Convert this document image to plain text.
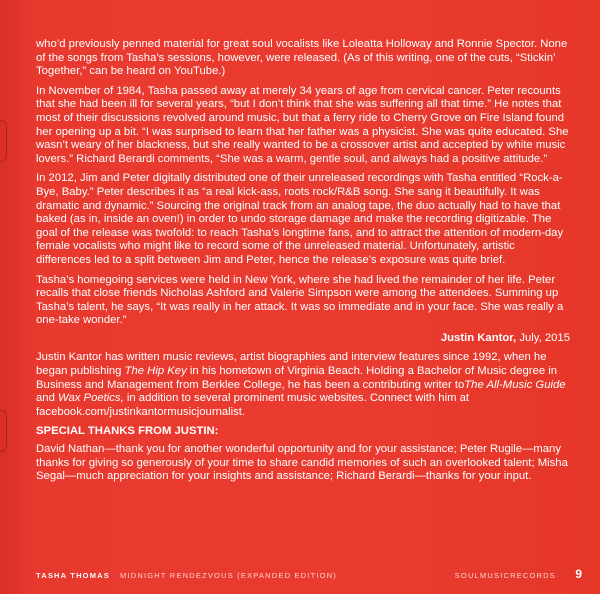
who’d previously penned material for great soul vocalists like Loleatta Holloway and Ronnie Spector. None of the songs from Tasha’s sessions, however, were released. (As of this writing, one of the cuts, “Stickin’ Together,” can be heard on YouTube.)

In November of 1984, Tasha passed away at merely 34 years of age from cervical cancer. Peter recounts that she had been ill for several years, “but I don’t think that she was suffering all that time.” He notes that most of their discussions revolved around music, but that a ferry ride to Cherry Grove on Fire Island found her opening up a bit. “I was surprised to learn that her father was a physicist. She was quite educated. She wasn’t weary of her blackness, but she really wanted to be a crossover artist and accepted by white music lovers.” Richard Berardi comments, “She was a warm, gentle soul, and always had a positive attitude.”

In 2012, Jim and Peter digitally distributed one of their unreleased recordings with Tasha entitled “Rock-a-Bye, Baby.” Peter describes it as “a real kick-ass, roots rock/R&B song. She sang it beautifully. It was dramatic and dynamic.” Sourcing the original track from an analog tape, the duo actually had to have that baked (as in, inside an oven!) in order to undo storage damage and make the recording digitizable. The goal of the release was twofold: to reach Tasha’s longtime fans, and to attract the attention of modern-day female vocalists who might like to record some of the unreleased material. Unfortunately, artistic differences led to a split between Jim and Peter, hence the release’s exposure was quite brief.

Tasha’s homegoing services were held in New York, where she had lived the remainder of her life. Peter recalls that close friends Nicholas Ashford and Valerie Simpson were among the attendees. Summing up Tasha’s talent, he says, “It was really in her attack. It was so immediate and in your face. She was really a one-take wonder.”

Justin Kantor, July, 2015

Justin Kantor has written music reviews, artist biographies and interview features since 1992, when he began publishing The Hip Key in his hometown of Virginia Beach. Holding a Bachelor of Music degree in Business and Management from Berklee College, he has been a contributing writer toThe All-Music Guide and Wax Poetics, in addition to several prominent music websites. Connect with him at facebook.com/justinkantormusicjournalist.

SPECIAL THANKS FROM JUSTIN:

David Nathan—thank you for another wonderful opportunity and for your assistance; Peter Rugile—many thanks for giving so generously of your time to share candid memories of such an overlooked talent; Misha Segal—much appreciation for your insights and assistance; Richard Berardi—thanks for your input.

TASHA THOMAS MIDNIGHT RENDEZVOUS (EXPANDED EDITION)	SOULMUSICRECORDS 9
